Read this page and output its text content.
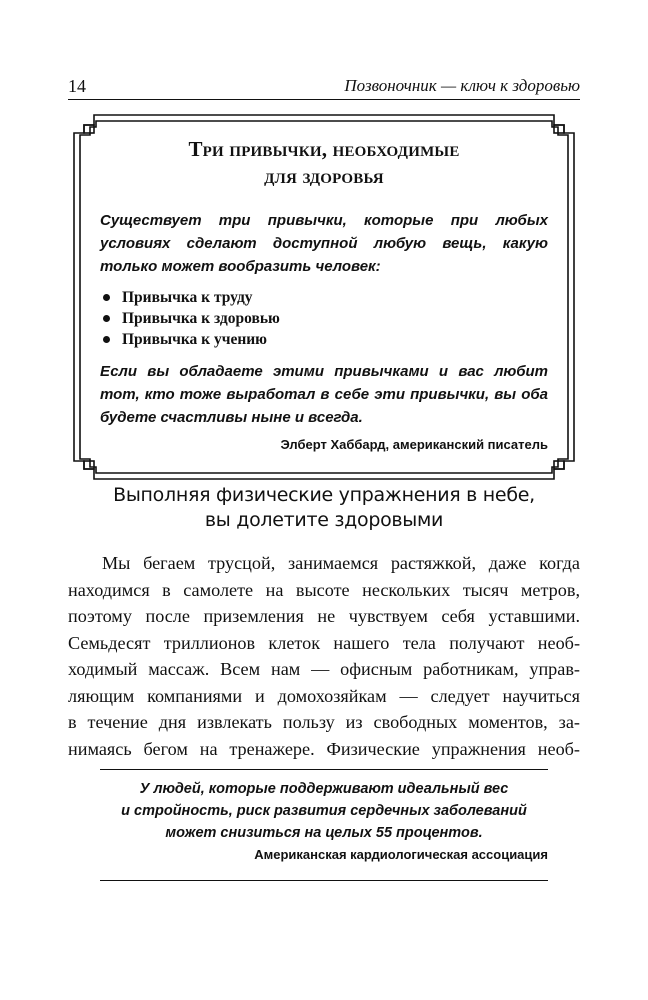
14	Позвоночник — ключ к здоровью
Три привычки, необходимые
для здоровья

Существует три привычки, которые при любых условиях сделают доступной любую вещь, какую только может вообразить человек:

Привычка к труду
Привычка к здоровью
Привычка к учению

Если вы обладаете этими привычками и вас любит тот, кто тоже выработал в себе эти привычки, вы оба будете счастливы ныне и всегда.

Элберт Хаббард, американский писатель

Выполняя физические упражнения в небе,
вы долетите здоровыми
Мы бегаем трусцой, занимаемся растяжкой, даже когда
находимся в самолете на высоте нескольких тысяч метров,
поэтому после приземления не чувствуем себя уставшими.
Семьдесят триллионов клеток нашего тела получают необ-
ходимый массаж. Всем нам — офисным работникам, управ-
ляющим компаниями и домохозяйкам — следует научиться
в течение дня извлекать пользу из свободных моментов, за-
нимаясь бегом на тренажере. Физические упражнения необ-

У людей, которые поддерживают идеальный вес
и стройность, риск развития сердечных заболеваний
может снизиться на целых 55 процентов.

Американская кардиологическая ассоциация
